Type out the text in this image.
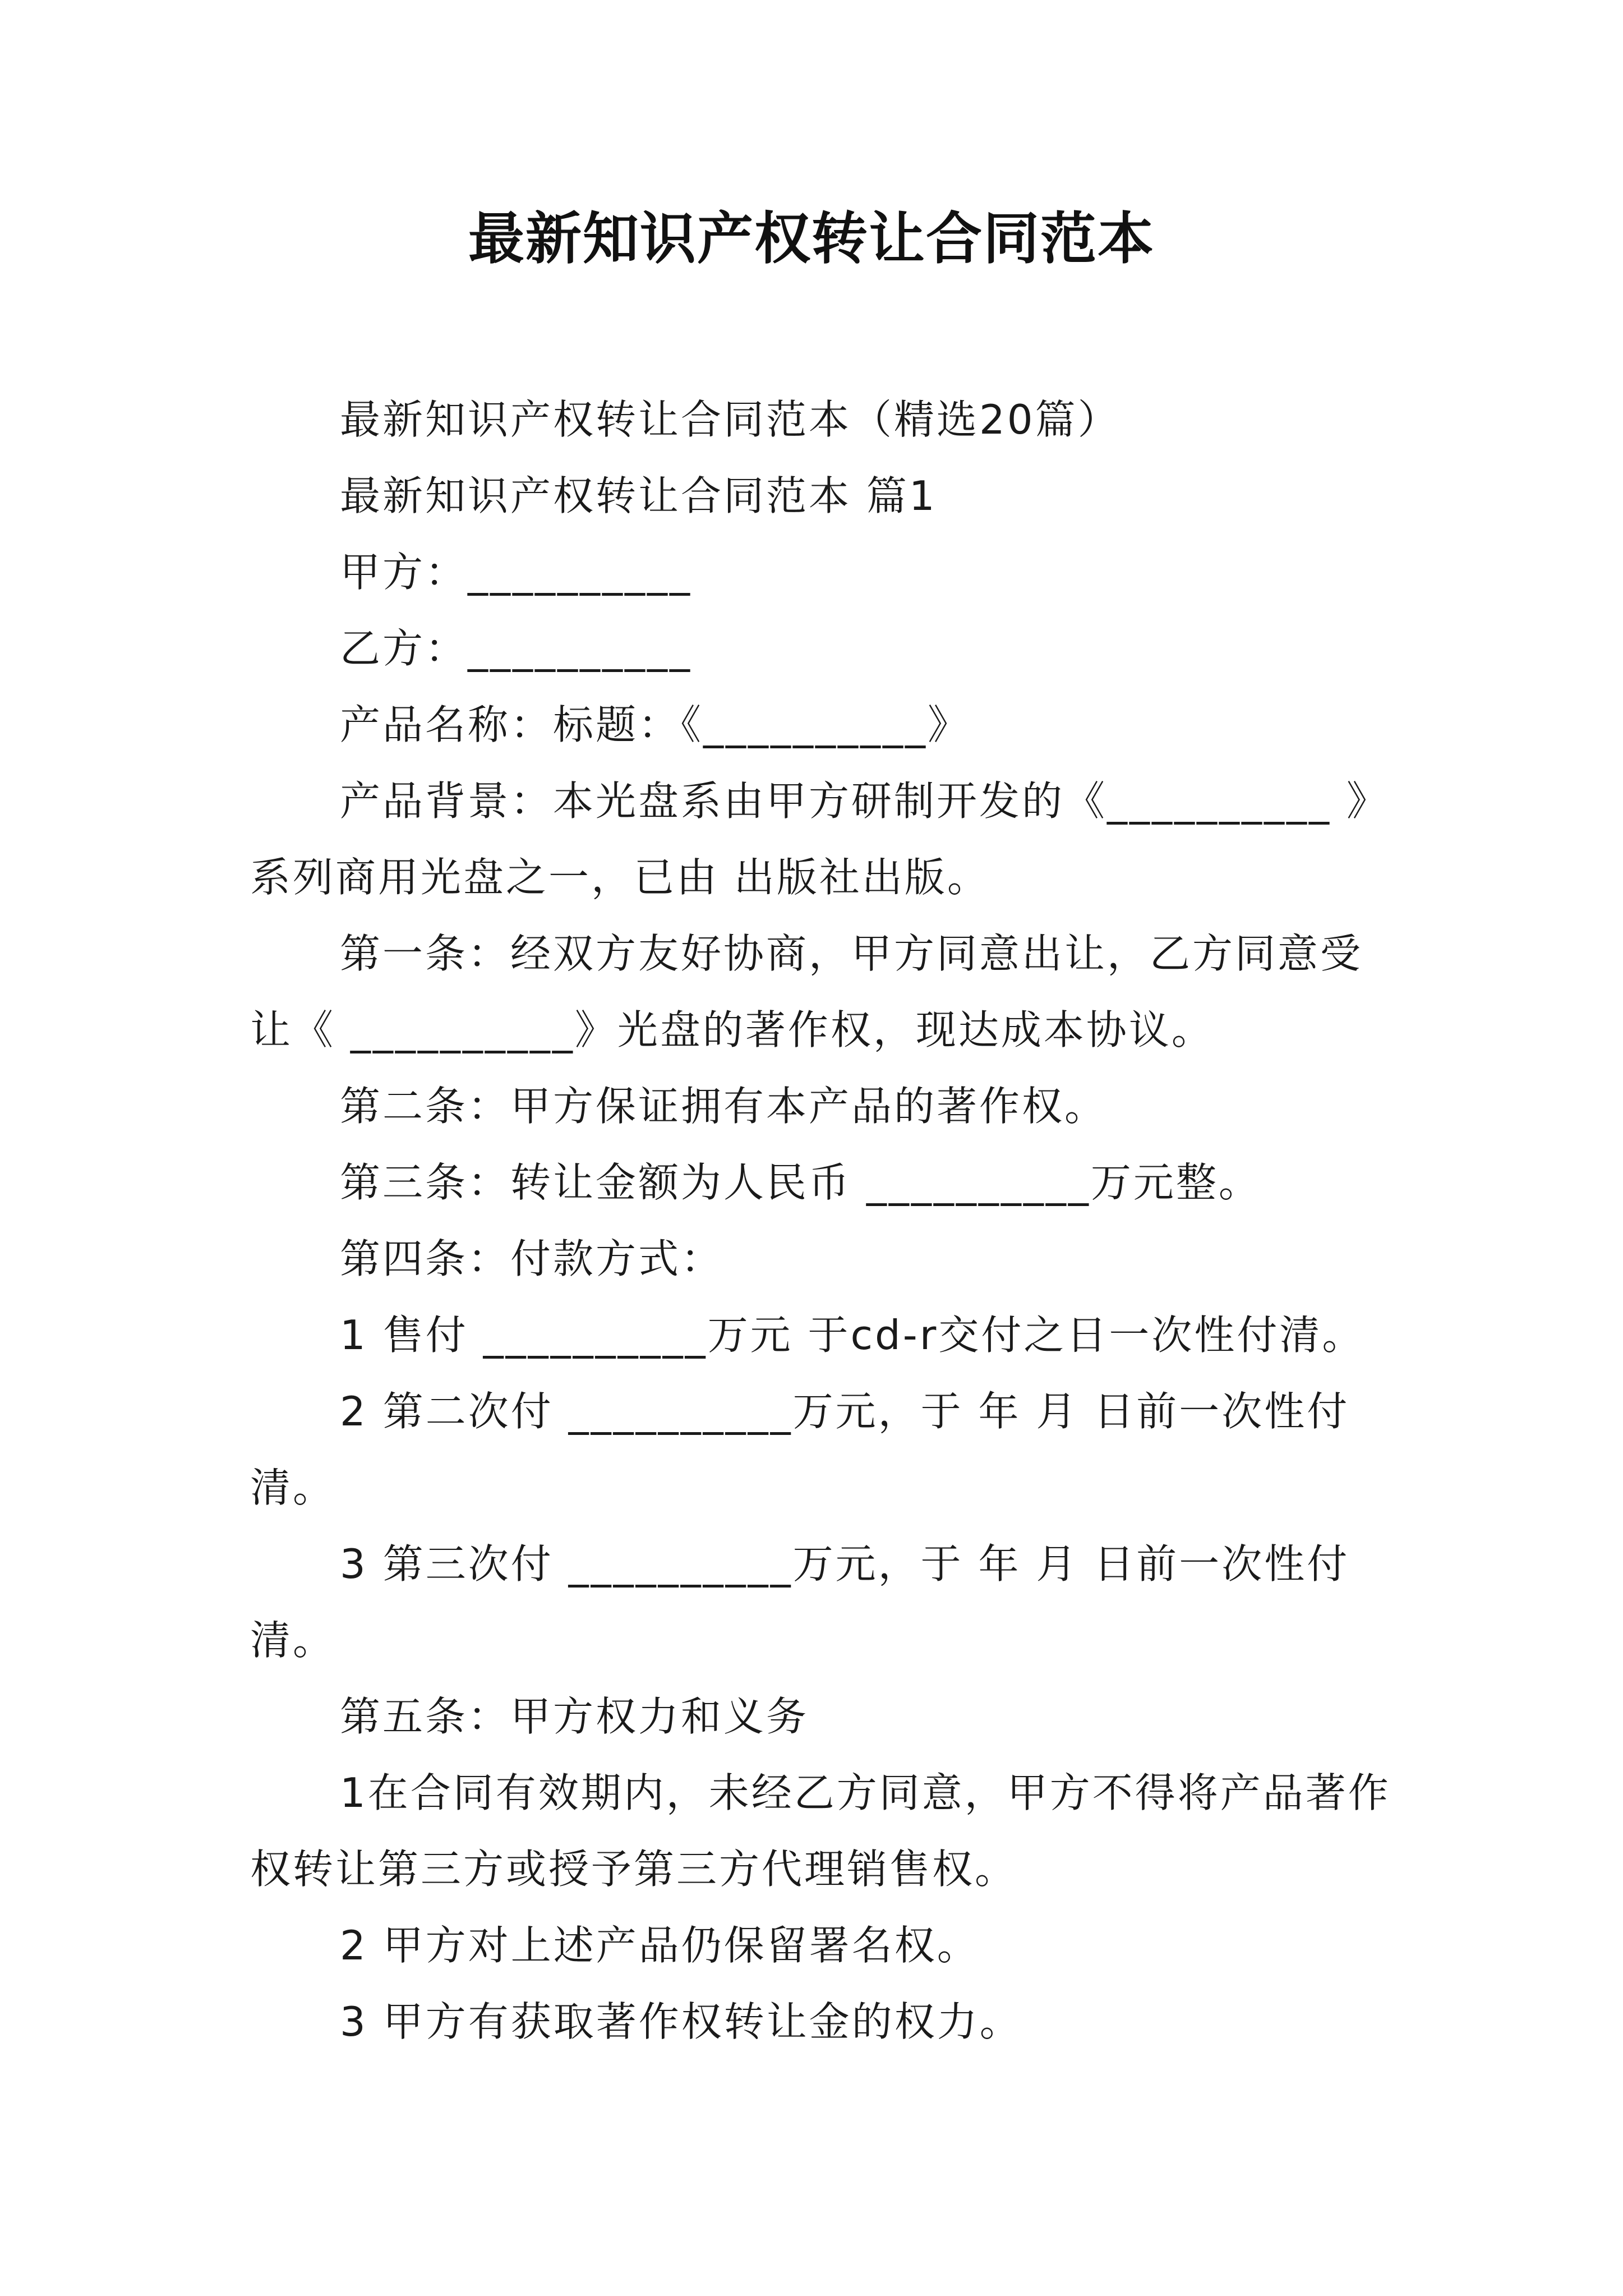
最新知识产权转让合同范本

最新知识产权转让合同范本（精选20篇）

最新知识产权转让合同范本 篇1

甲方：__________

乙方：__________

产品名称：标题：《__________》

产品背景：本光盘系由甲方研制开发的《__________ 》系列商用光盘之一，已由 出版社出版。

第一条：经双方友好协商，甲方同意出让，乙方同意受让《 __________》光盘的著作权，现达成本协议。

第二条：甲方保证拥有本产品的著作权。

第三条：转让金额为人民币 __________万元整。

第四条：付款方式：

1 售付 __________万元 于cd-r交付之日一次性付清。

2 第二次付 __________万元，于 年 月 日前一次性付清。

3 第三次付 __________万元，于 年 月 日前一次性付清。

第五条：甲方权力和义务

1在合同有效期内，未经乙方同意，甲方不得将产品著作权转让第三方或授予第三方代理销售权。

2 甲方对上述产品仍保留署名权。

3 甲方有获取著作权转让金的权力。
